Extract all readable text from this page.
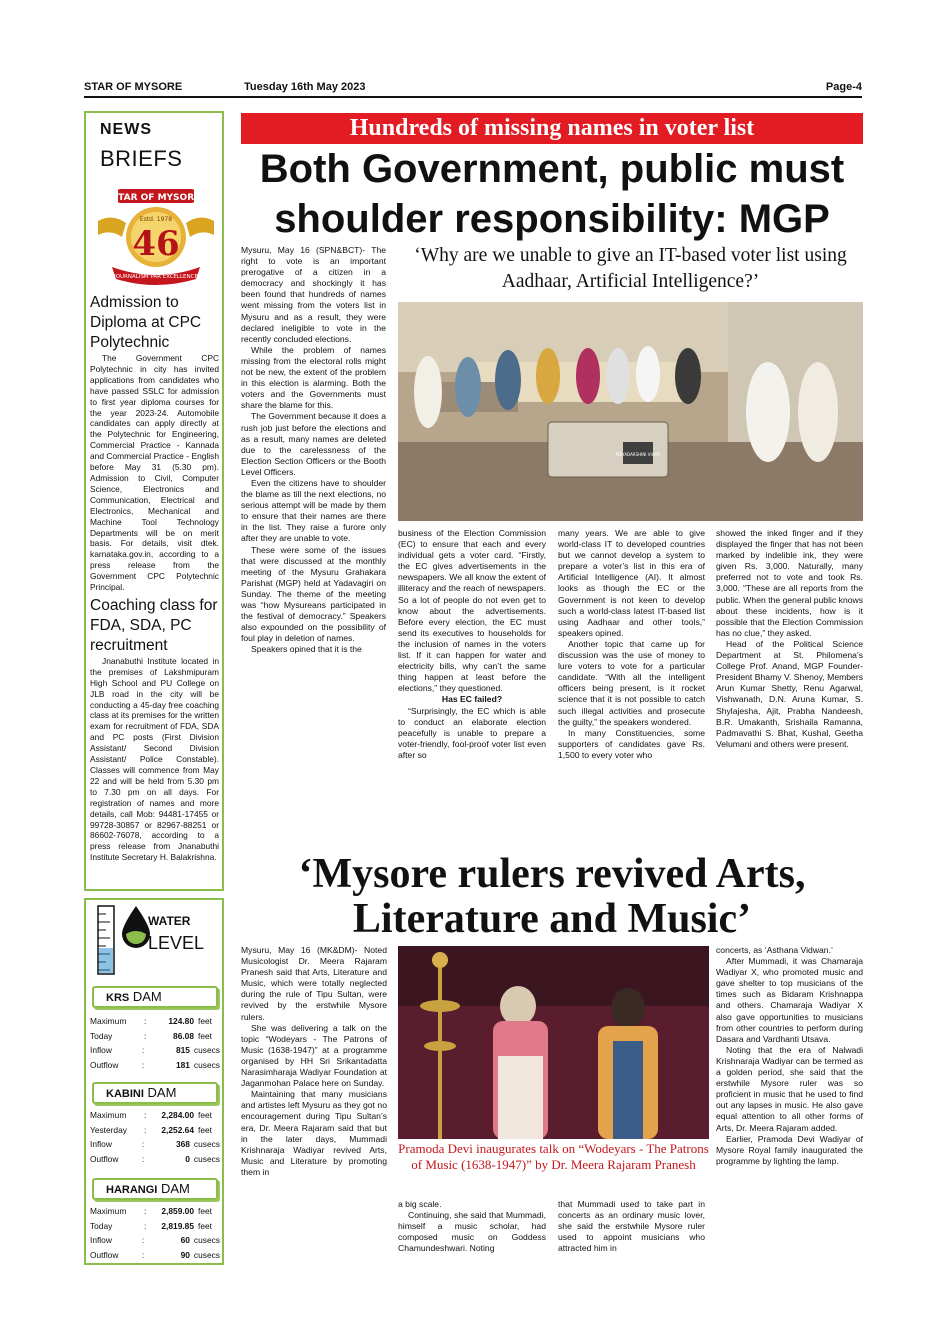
STAR OF MYSORE	Tuesday 16th May 2023	Page-4
NEWS
BRIEFS
STAR OF MYSORE
Estd. 1978
46
JOURNALISM PAR EXCELLENCE
Admission to Diploma at CPC Polytechnic
The Government CPC Polytechnic in city has invited applications from candidates who have passed SSLC for admission to first year diploma courses for the year 2023-24. Automobile candidates can apply directly at the Polytechnic for Engineering, Commercial Practice - Kannada and Commercial Practice - English before May 31 (5.30 pm). Admission to Civil, Computer Science, Electronics and Communication, Electrical and Electronics, Mechanical and Machine Tool Technology Departments will be on merit basis. For details, visit dtek. karnataka.gov.in, according to a press release from the Government CPC Polytechnic Principal.
Coaching class for FDA, SDA, PC recruitment
Jnanabuthi Institute located in the premises of Lakshmipuram High School and PU College on JLB road in the city will be conducting a 45-day free coaching class at its premises for the written exam for recruitment of FDA, SDA and PC posts (First Division Assistant/ Second Division Assistant/ Police Constable). Classes will commence from May 22 and will be held from 5.30 pm to 7.30 pm on all days. For registration of names and more details, call Mob: 94481-17455 or 99728-30857 or 82967-88251 or 86602-76078, according to a press release from Jnanabuthi Institute Secretary H. Balakrishna.
WATER
LEVEL
KRS DAM
Maximum	:	124.80 feet
Today	:	86.08 feet
Inflow	:	815 cusecs
Outflow	:	181 cusecs
KABINI DAM
Maximum	:	2,284.00 feet
Yesterday	:	2,252.64 feet
Inflow	:	368 cusecs
Outflow	:	0 cusecs
HARANGI DAM
Maximum	:	2,859.00 feet
Today	:	2,819.85 feet
Inflow	:	60 cusecs
Outflow	:	90 cusecs
Hundreds of missing names in voter list
Both Government, public must shoulder responsibility: MGP
‘Why are we unable to give an IT-based voter list using Aadhaar, Artificial Intelligence?’

Mysuru, May 16 (SPN&BCT)- The right to vote is an important prerogative of a citizen in a democracy and shockingly it has been found that hundreds of names went missing from the voters list in Mysuru and as a result, they were declared ineligible to vote in the recently concluded elections.

While the problem of names missing from the electoral rolls might not be new, the extent of the problem in this election is alarming. Both the voters and the Governments must share the blame for this.

The Government because it does a rush job just before the elections and as a result, many names are deleted due to the carelessness of the Election Section Officers or the Booth Level Officers.

Even the citizens have to shoulder the blame as till the next elections, no serious attempt will be made by them to ensure that their names are there in the list. They raise a furore only after they are unable to vote.

These were some of the issues that were discussed at the monthly meeting of the Mysuru Grahakara Parishat (MGP) held at Yadavagiri on Sunday. The theme of the meeting was “how Mysureans participated in the festival of democracy.” Speakers also expounded on the possibility of foul play in deletion of names.

Speakers opined that it is the

PRIYADARSHINI VIHAR

business of the Election Commission (EC) to ensure that each and every individual gets a voter card. “Firstly, the EC gives advertisements in the newspapers. We all know the extent of illiteracy and the reach of newspapers. So a lot of people do not even get to know about the advertisements. Before every election, the EC must send its executives to households for the inclusion of names in the voters list. If it can happen for water and electricity bills, why can’t the same thing happen at least before the elections,” they questioned.

Has EC failed?

“Surprisingly, the EC which is able to conduct an elaborate election peacefully is unable to prepare a voter-friendly, fool-proof voter list even after so

many years. We are able to give world-class IT to developed countries but we cannot develop a system to prepare a voter’s list in this era of Artificial Intelligence (AI). It almost looks as though the EC or the Government is not keen to develop such a world-class latest IT-based list using Aadhaar and other tools,” speakers opined.

Another topic that came up for discussion was the use of money to lure voters to vote for a particular candidate. “With all the intelligent officers being present, is it rocket science that it is not possible to catch such illegal activities and prosecute the guilty,” the speakers wondered.

In many Constituencies, some supporters of candidates gave Rs. 1,500 to every voter who

showed the inked finger and if they displayed the finger that has not been marked by indelible ink, they were given Rs. 3,000. Naturally, many preferred not to vote and took Rs. 3,000. “These are all reports from the public. When the general public knows about these incidents, how is it possible that the Election Commission has no clue,” they asked.

Head of the Political Science Department at St. Philomena’s College Prof. Anand, MGP Founder-President Bhamy V. Shenoy, Members Arun Kumar Shetty, Renu Agarwal, Vishwanath, D.N. Aruna Kumar, S. Shylajesha, Ajit, Prabha Nandeesh, B.R. Umakanth, Srishaila Ramanna, Padmavathi S. Bhat, Kushal, Geetha Velumani and others were present.

‘Mysore rulers revived Arts, Literature and Music’

Mysuru, May 16 (MK&DM)- Noted Musicologist Dr. Meera Rajaram Pranesh said that Arts, Literature and Music, which were totally neglected during the rule of Tipu Sultan, were revived by the erstwhile Mysore rulers.

She was delivering a talk on the topic “Wodeyars - The Patrons of Music (1638-1947)” at a programme organised by HH Sri Srikantadatta Narasimharaja Wadiyar Foundation at Jaganmohan Palace here on Sunday.

Maintaining that many musicians and artistes left Mysuru as they got no encouragement during Tipu Sultan’s era, Dr. Meera Rajaram said that but in the later days, Mummadi Krishnaraja Wadiyar revived Arts, Music and Literature by promoting them in

Pramoda Devi inaugurates talk on “Wodeyars - The Patrons of Music (1638-1947)” by Dr. Meera Rajaram Pranesh

a big scale.

Continuing, she said that Mummadi, himself a music scholar, had composed music on Goddess Chamundeshwari. Noting

that Mummadi used to take part in concerts as an ordinary music lover, she said the erstwhile Mysore ruler used to appoint musicians who attracted him in

concerts, as ‘Asthana Vidwan.’

After Mummadi, it was Chamaraja Wadiyar X, who promoted music and gave shelter to top musicians of the times such as Bidaram Krishnappa and others. Chamaraja Wadiyar X also gave opportunities to musicians from other countries to perform during Dasara and Vardhanti Utsava.

Noting that the era of Nalwadi Krishnaraja Wadiyar can be termed as a golden period, she said that the erstwhile Mysore ruler was so proficient in music that he used to find out any lapses in music. He also gave equal attention to all other forms of Arts, Dr. Meera Rajaram added.

Earlier, Pramoda Devi Wadiyar of Mysore Royal family inaugurated the programme by lighting the lamp.
